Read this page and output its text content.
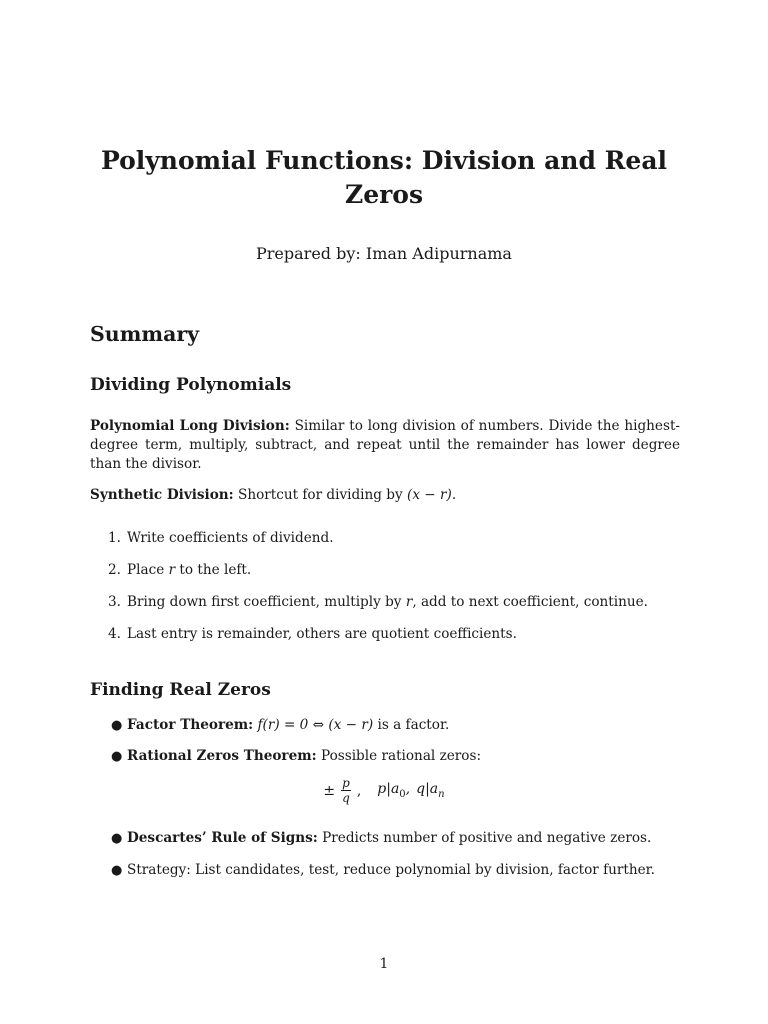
Polynomial Functions: Division and Real Zeros

Prepared by: Iman Adipurnama

Summary
Dividing Polynomials

Polynomial Long Division: Similar to long division of numbers. Divide the highest-degree term, multiply, subtract, and repeat until the remainder has lower degree than the divisor.

Synthetic Division: Shortcut for dividing by (x − r).

1. Write coefficients of dividend.
2. Place r to the left.
3. Bring down first coefficient, multiply by r, add to next coefficient, continue.
4. Last entry is remainder, others are quotient coefficients.
Finding Real Zeros
● Factor Theorem: f(r) = 0 ⇔ (x − r) is a factor.
● Rational Zeros Theorem: Possible rational zeros:
± $\frac{p}{q}$ , $p|a_0$, $q|a_n$
● Descartes’ Rule of Signs: Predicts number of positive and negative zeros.
● Strategy: List candidates, test, reduce polynomial by division, factor further.
1
